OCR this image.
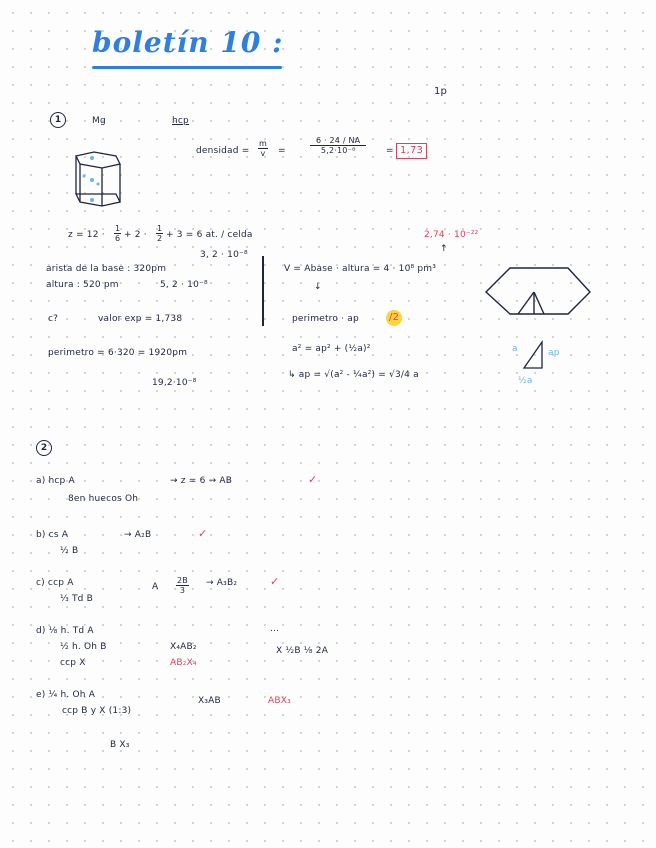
boletín 10 :
1p
1	Mg	hcp
densidad = $\frac{m}{v}$ =	$\frac{6 \cdot 24 / NA}{\text{5,2·10⁻⁸}} = 1,73$
$z = 12 \cdot \frac{1}{6} + 2 \cdot \frac{1}{2} + 3 = 6$ at. / celda	2,74 · 10⁻²²
↑
3, 2 · 10⁻⁸
arista de la base : 320pm
altura : 520 pm	5, 2 · 10⁻⁸
V = Abase · altura = 4 · 10⁸ pm³
↓
perimetro · ap	/2
c?	valor exp = 1,738
perimetro = 6·320 = 1920pm
19,2·10⁻⁸
a² = ap² + (½a)²
↳ ap = √(a² - ¼a²) = √3/4 a
a	ap
½a
2
a) hcp A	→ z = 6 → AB	✓
8en huecos Oh
b) cs A	→ A₂B	✓
½ B
c) ccp A	A $\frac{2B}{3} \to A_3B_2$	✓
⅓ Td B
d) ⅛ h. Td A
½ h. Oh B
ccp X
X₄AB₂
AB₂X₄
...
X ½B ⅛ 2A
e) ¼ h. Oh A
ccp B y X (1:3)
X₃AB	ABX₃
B X₃
